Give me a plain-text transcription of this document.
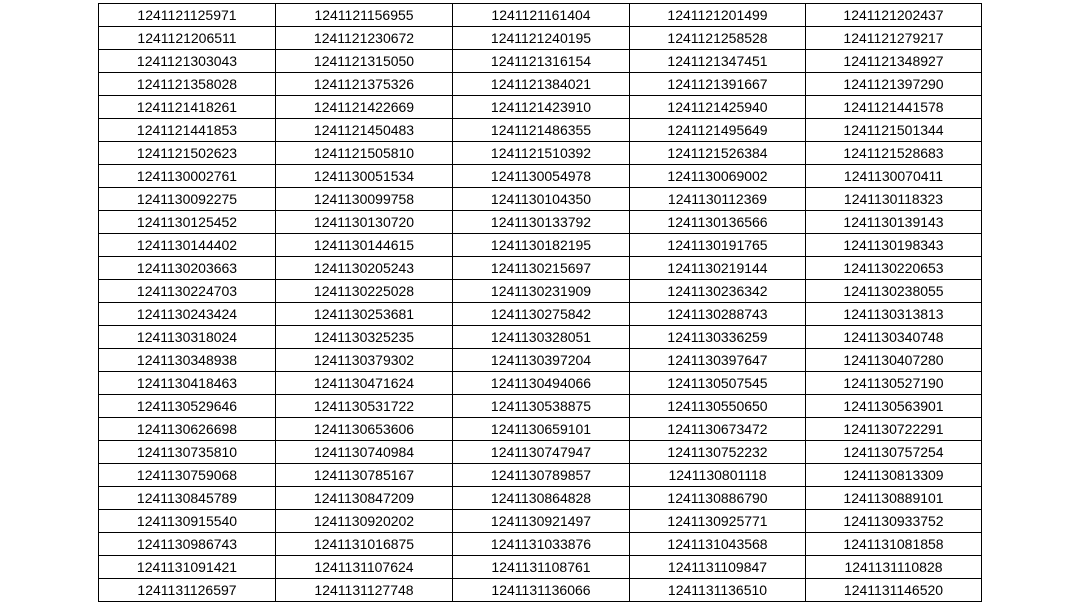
1241121125971	1241121156955	1241121161404	1241121201499	1241121202437
1241121206511	1241121230672	1241121240195	1241121258528	1241121279217
1241121303043	1241121315050	1241121316154	1241121347451	1241121348927
1241121358028	1241121375326	1241121384021	1241121391667	1241121397290
1241121418261	1241121422669	1241121423910	1241121425940	1241121441578
1241121441853	1241121450483	1241121486355	1241121495649	1241121501344
1241121502623	1241121505810	1241121510392	1241121526384	1241121528683
1241130002761	1241130051534	1241130054978	1241130069002	1241130070411
1241130092275	1241130099758	1241130104350	1241130112369	1241130118323
1241130125452	1241130130720	1241130133792	1241130136566	1241130139143
1241130144402	1241130144615	1241130182195	1241130191765	1241130198343
1241130203663	1241130205243	1241130215697	1241130219144	1241130220653
1241130224703	1241130225028	1241130231909	1241130236342	1241130238055
1241130243424	1241130253681	1241130275842	1241130288743	1241130313813
1241130318024	1241130325235	1241130328051	1241130336259	1241130340748
1241130348938	1241130379302	1241130397204	1241130397647	1241130407280
1241130418463	1241130471624	1241130494066	1241130507545	1241130527190
1241130529646	1241130531722	1241130538875	1241130550650	1241130563901
1241130626698	1241130653606	1241130659101	1241130673472	1241130722291
1241130735810	1241130740984	1241130747947	1241130752232	1241130757254
1241130759068	1241130785167	1241130789857	1241130801118	1241130813309
1241130845789	1241130847209	1241130864828	1241130886790	1241130889101
1241130915540	1241130920202	1241130921497	1241130925771	1241130933752
1241130986743	1241131016875	1241131033876	1241131043568	1241131081858
1241131091421	1241131107624	1241131108761	1241131109847	1241131110828
1241131126597	1241131127748	1241131136066	1241131136510	1241131146520
